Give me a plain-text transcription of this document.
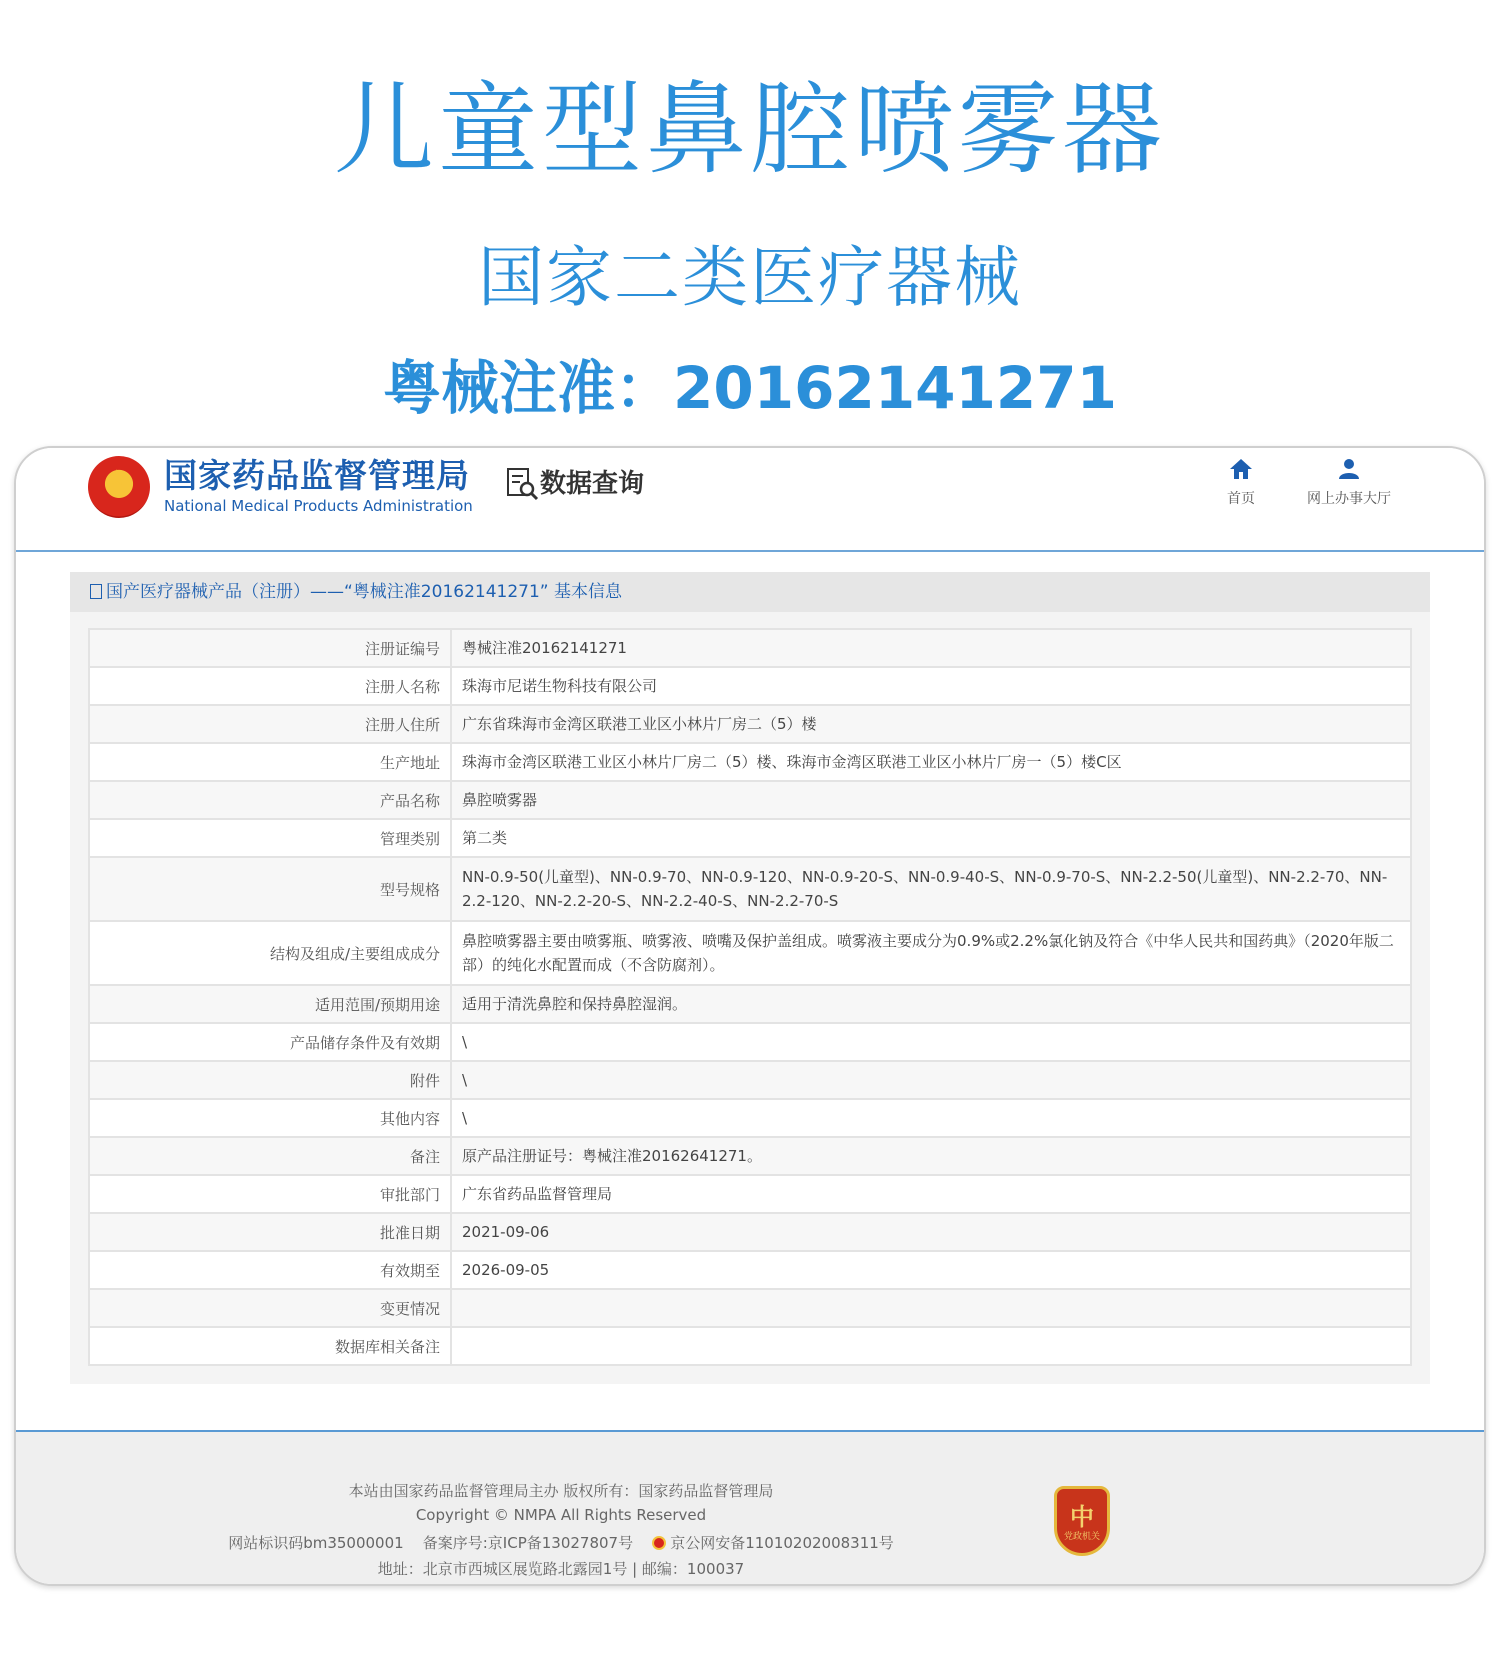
儿童型鼻腔喷雾器
国家二类医疗器械
粤械注准：20162141271
★ 国家药品监督管理局
National Medical Products Administration
数据查询	首页	网上办事大厅
国产医疗器械产品（注册）——“粤械注准20162141271” 基本信息
注册证编号	粤械注准20162141271
注册人名称	珠海市尼诺生物科技有限公司
注册人住所	广东省珠海市金湾区联港工业区小林片厂房二（5）楼
生产地址	珠海市金湾区联港工业区小林片厂房二（5）楼、珠海市金湾区联港工业区小林片厂房一（5）楼C区
产品名称	鼻腔喷雾器
管理类别	第二类
型号规格	NN-0.9-50(儿童型)、NN-0.9-70、NN-0.9-120、NN-0.9-20-S、NN-0.9-40-S、NN-0.9-70-S、NN-2.2-50(儿童型)、NN-2.2-70、NN-2.2-120、NN-2.2-20-S、NN-2.2-40-S、NN-2.2-70-S
结构及组成/主要组成成分	鼻腔喷雾器主要由喷雾瓶、喷雾液、喷嘴及保护盖组成。喷雾液主要成分为0.9%或2.2%氯化钠及符合《中华人民共和国药典》（2020年版二部）的纯化水配置而成（不含防腐剂）。
适用范围/预期用途	适用于清洗鼻腔和保持鼻腔湿润。
产品储存条件及有效期	\
附件	\
其他内容	\
备注	原产品注册证号：粤械注准20162641271。
审批部门	广东省药品监督管理局
批准日期	2021-09-06
有效期至	2026-09-05
变更情况	
数据库相关备注	
本站由国家药品监督管理局主办 版权所有：国家药品监督管理局
Copyright © NMPA All Rights Reserved
网站标识码bm35000001 备案序号:京ICP备13027807号 京公网安备11010202008311号
地址：北京市西城区展览路北露园1号 | 邮编：100037
中
党政机关
